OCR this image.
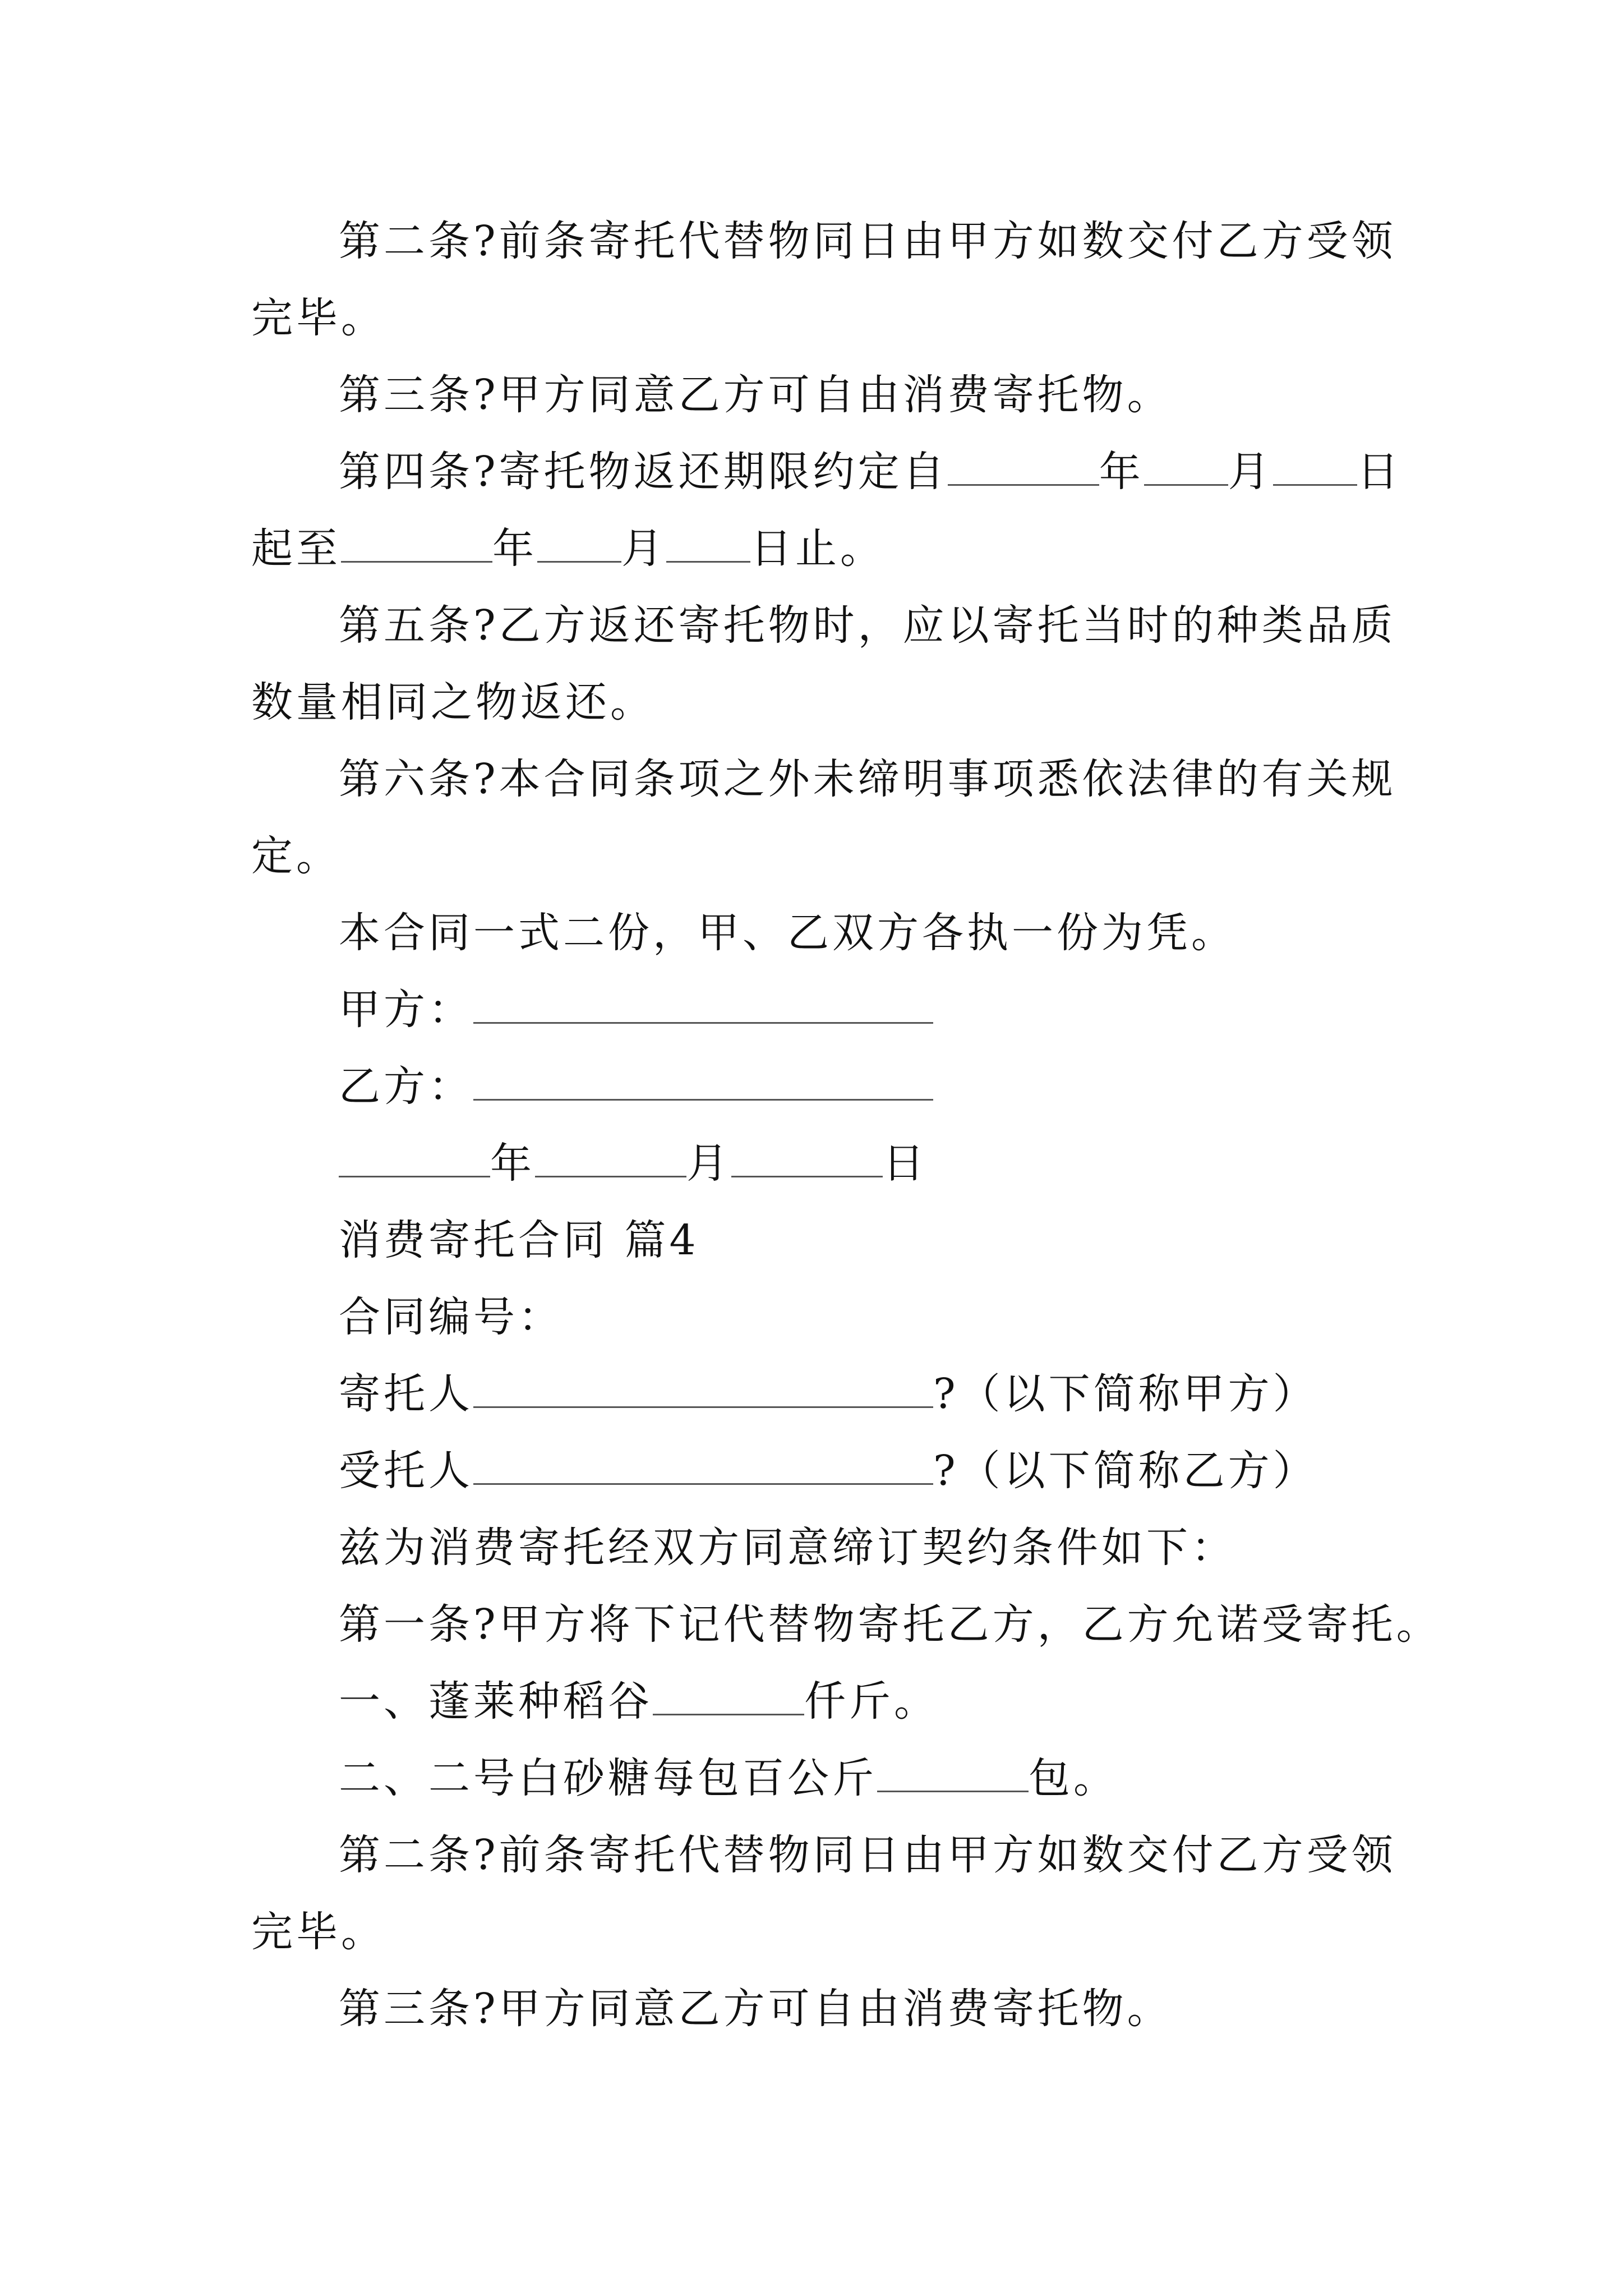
第二条?前条寄托代替物同日由甲方如数交付乙方受领完毕。

第三条?甲方同意乙方可自由消费寄托物。

第四条?寄托物返还期限约定自	年 月 日起至	年 月 日止。

第五条?乙方返还寄托物时，应以寄托当时的种类品质数量相同之物返还。

第六条?本合同条项之外未缔明事项悉依法律的有关规定。

本合同一式二份，甲、乙双方各执一份为凭。

甲方：

乙方：

年	月	日

消费寄托合同 篇4

合同编号：

寄托人	?（以下简称甲方）

受托人	?（以下简称乙方）

兹为消费寄托经双方同意缔订契约条件如下：

第一条?甲方将下记代替物寄托乙方，乙方允诺受寄托。

一、蓬莱种稻谷	仟斤。

二、二号白砂糖每包百公斤	包。

第二条?前条寄托代替物同日由甲方如数交付乙方受领完毕。

第三条?甲方同意乙方可自由消费寄托物。
